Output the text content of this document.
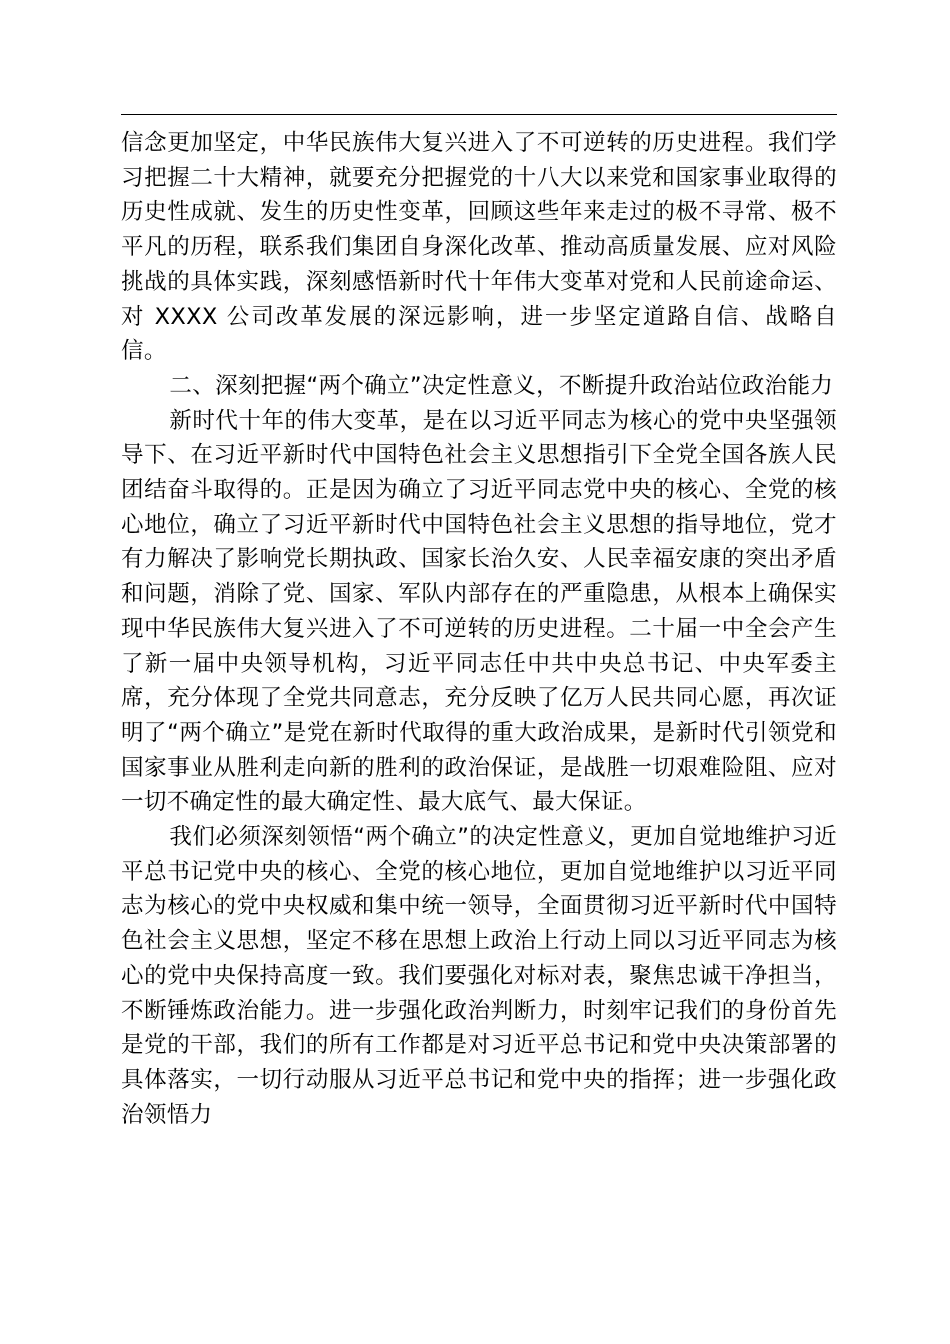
信念更加坚定，中华民族伟大复兴进入了不可逆转的历史进程。我们学习把握二十大精神，就要充分把握党的十八大以来党和国家事业取得的历史性成就、发生的历史性变革，回顾这些年来走过的极不寻常、极不平凡的历程，联系我们集团自身深化改革、推动高质量发展、应对风险挑战的具体实践，深刻感悟新时代十年伟大变革对党和人民前途命运、对 XXXX 公司改革发展的深远影响，进一步坚定道路自信、战略自信。

二、深刻把握“两个确立”决定性意义，不断提升政治站位政治能力

新时代十年的伟大变革，是在以习近平同志为核心的党中央坚强领导下、在习近平新时代中国特色社会主义思想指引下全党全国各族人民团结奋斗取得的。正是因为确立了习近平同志党中央的核心、全党的核心地位，确立了习近平新时代中国特色社会主义思想的指导地位，党才有力解决了影响党长期执政、国家长治久安、人民幸福安康的突出矛盾和问题，消除了党、国家、军队内部存在的严重隐患，从根本上确保实现中华民族伟大复兴进入了不可逆转的历史进程。二十届一中全会产生了新一届中央领导机构，习近平同志任中共中央总书记、中央军委主席，充分体现了全党共同意志，充分反映了亿万人民共同心愿，再次证明了“两个确立”是党在新时代取得的重大政治成果，是新时代引领党和国家事业从胜利走向新的胜利的政治保证，是战胜一切艰难险阻、应对一切不确定性的最大确定性、最大底气、最大保证。

我们必须深刻领悟“两个确立”的决定性意义，更加自觉地维护习近平总书记党中央的核心、全党的核心地位，更加自觉地维护以习近平同志为核心的党中央权威和集中统一领导，全面贯彻习近平新时代中国特色社会主义思想，坚定不移在思想上政治上行动上同以习近平同志为核心的党中央保持高度一致。我们要强化对标对表，聚焦忠诚干净担当，不断锤炼政治能力。进一步强化政治判断力，时刻牢记我们的身份首先是党的干部，我们的所有工作都是对习近平总书记和党中央决策部署的具体落实，一切行动服从习近平总书记和党中央的指挥；进一步强化政治领悟力
